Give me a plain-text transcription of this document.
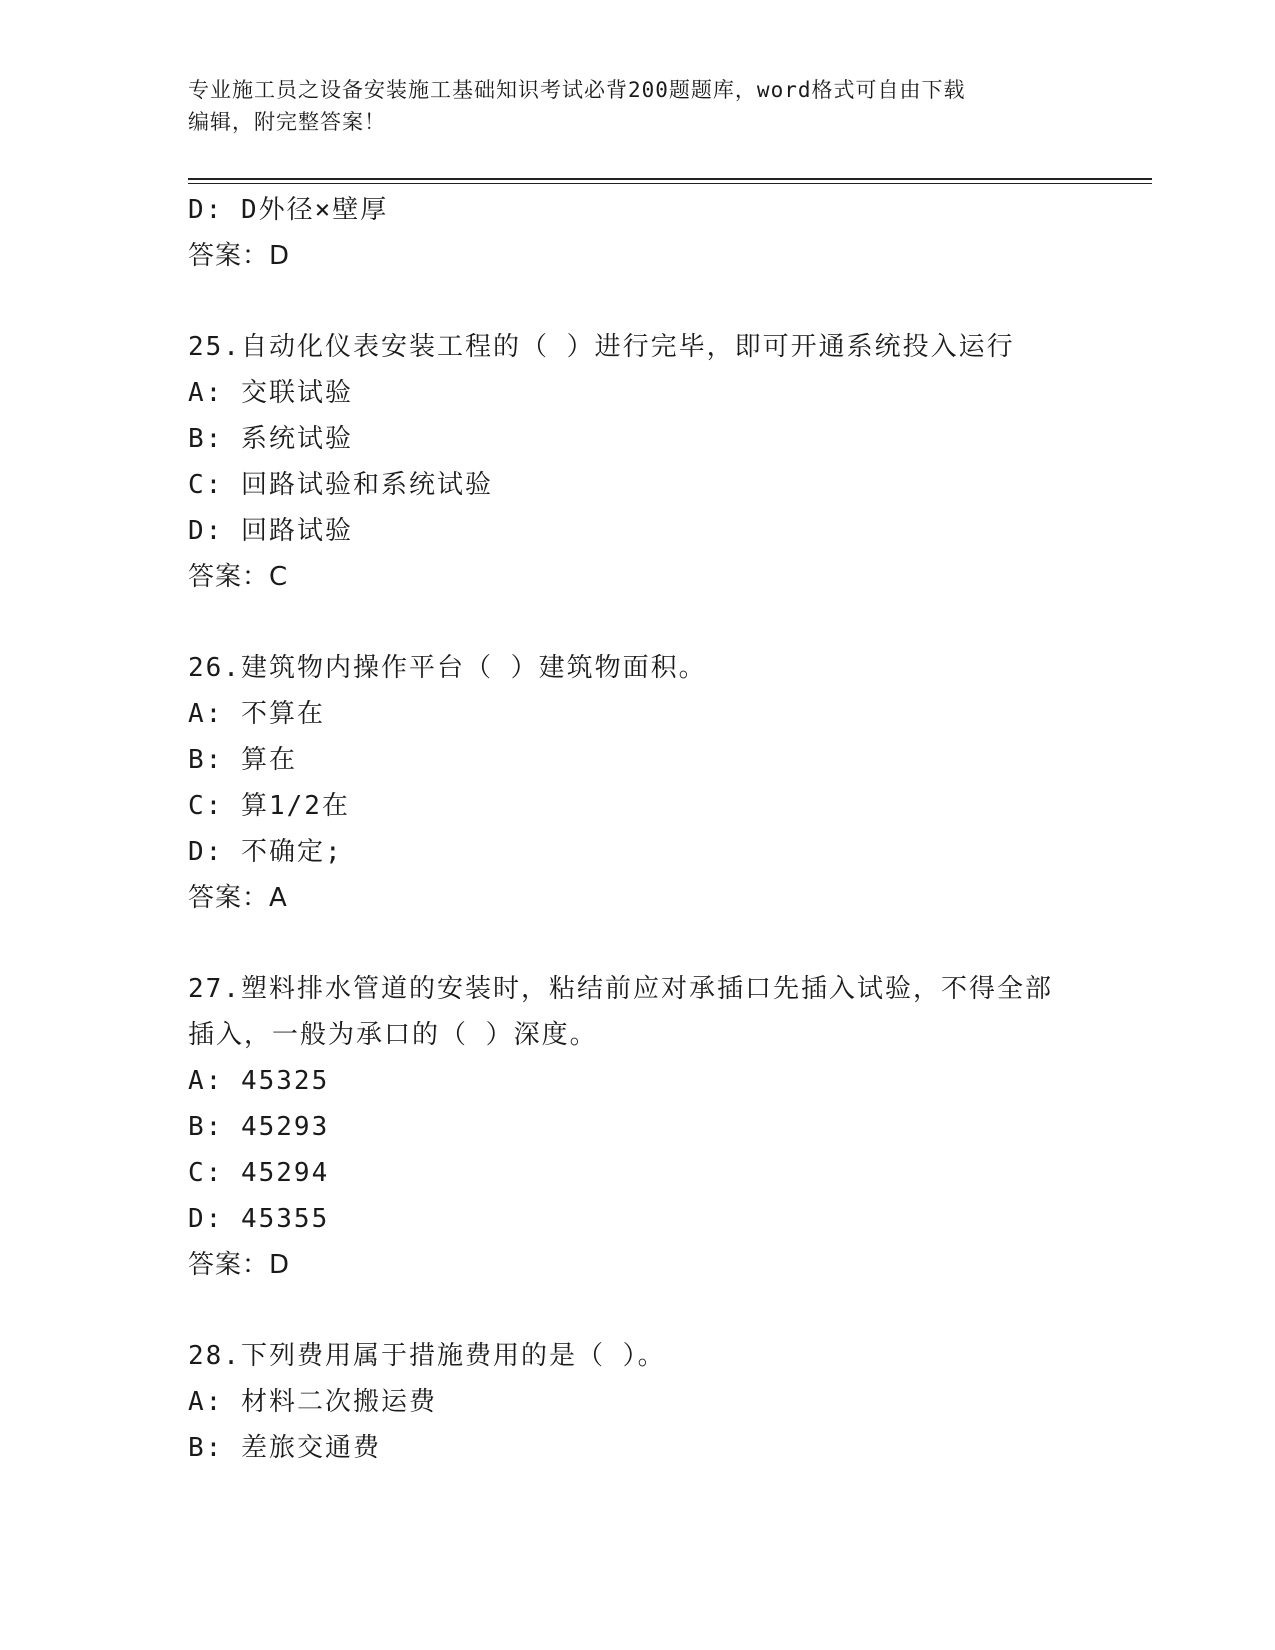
专业施工员之设备安装施工基础知识考试必背200题题库，word格式可自由下载
编辑，附完整答案！
D: D外径×壁厚
答案：D
25.自动化仪表安装工程的（ ）进行完毕，即可开通系统投入运行
A: 交联试验
B: 系统试验
C: 回路试验和系统试验
D: 回路试验
答案：C
26.建筑物内操作平台（ ）建筑物面积。
A: 不算在
B: 算在
C: 算1/2在
D: 不确定;
答案：A
27.塑料排水管道的安装时，粘结前应对承插口先插入试验，不得全部
插入，一般为承口的（ ）深度。
A: 45325
B: 45293
C: 45294
D: 45355
答案：D
28.下列费用属于措施费用的是（ ）。
A: 材料二次搬运费
B: 差旅交通费
